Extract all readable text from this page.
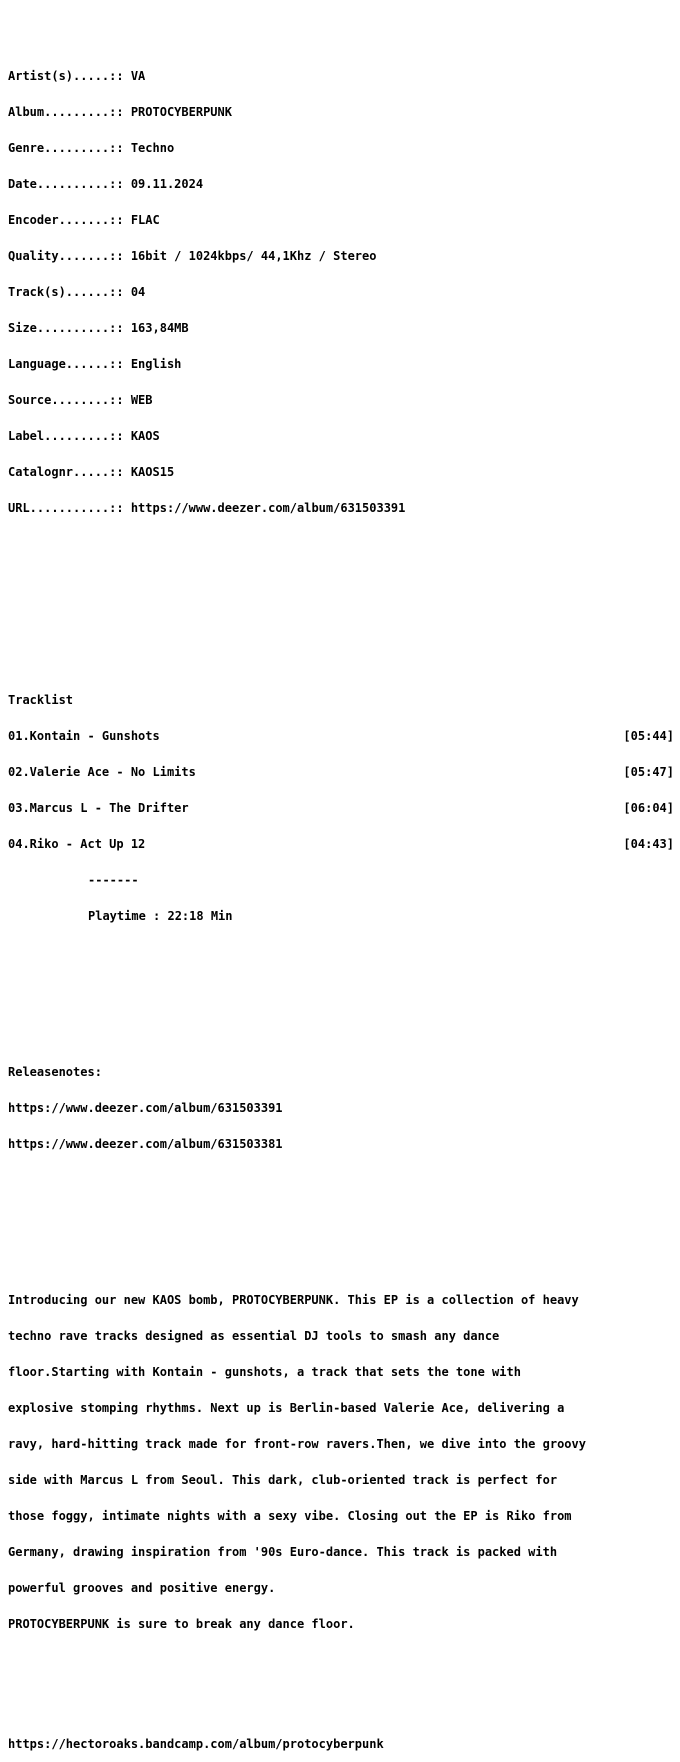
Artist(s).....:: VA

Album.........:: PROTOCYBERPUNK

Genre.........:: Techno

Date..........:: 09.11.2024

Encoder.......:: FLAC

Quality.......:: 16bit / 1024kbps/ 44,1Khz / Stereo

Track(s)......:: 04

Size..........:: 163,84MB

Language......:: English

Source........:: WEB

Label.........:: KAOS

Catalognr.....:: KAOS15

URL...........:: https://www.deezer.com/album/631503391

Tracklist

01.Kontain - Gunshots	[05:44]

02.Valerie Ace - No Limits	[05:47]

03.Marcus L - The Drifter	[06:04]

04.Riko - Act Up 12	[04:43]

-------

Playtime : 22:18 Min

Releasenotes:

https://www.deezer.com/album/631503391

https://www.deezer.com/album/631503381

Introducing our new KAOS bomb, PROTOCYBERPUNK. This EP is a collection of heavy

techno rave tracks designed as essential DJ tools to smash any dance

floor.Starting with Kontain - gunshots, a track that sets the tone with

explosive stomping rhythms. Next up is Berlin-based Valerie Ace, delivering a

ravy, hard-hitting track made for front-row ravers.Then, we dive into the groovy

side with Marcus L from Seoul. This dark, club-oriented track is perfect for

those foggy, intimate nights with a sexy vibe. Closing out the EP is Riko from

Germany, drawing inspiration from '90s Euro-dance. This track is packed with

powerful grooves and positive energy.

PROTOCYBERPUNK is sure to break any dance floor.

https://hectoroaks.bandcamp.com/album/protocyberpunk
